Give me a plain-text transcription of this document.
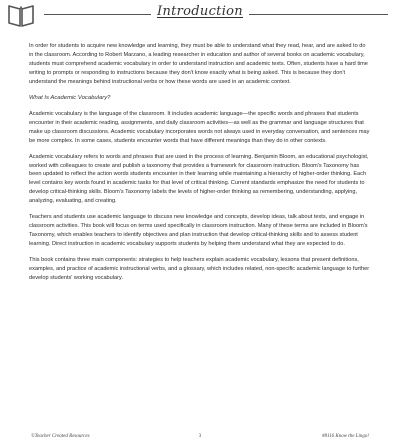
Introduction

In order for students to acquire new knowledge and learning, they must be able to understand what they read, hear, and are asked to do in the classroom. According to Robert Marzano, a leading researcher in education and author of several books on academic vocabulary, students must comprehend academic vocabulary in order to understand instruction and academic texts. Often, students have a hard time writing to prompts or responding to instructions because they don't know exactly what is being asked. This is because they don't understand the meanings behind instructional verbs or how these words are used in an academic context.

What Is Academic Vocabulary?

Academic vocabulary is the language of the classroom. It includes academic language—the specific words and phrases that students encounter in their academic reading, assignments, and daily classroom activities—as well as the grammar and language structures that make up classroom discussions. Academic vocabulary incorporates words not always used in everyday conversation, and sentences may be more complex. In some cases, students encounter words that have different meanings than they do in other contexts.

Academic vocabulary refers to words and phrases that are used in the process of learning. Benjamin Bloom, an educational psychologist, worked with colleagues to create and publish a taxonomy that provides a framework for classroom instruction. Bloom's Taxonomy has been updated to reflect the action words students encounter in their learning while maintaining a hierarchy of higher-order thinking. Each level contains key words found in academic tasks for that level of critical thinking. Current standards emphasize the need for students to develop critical-thinking skills. Bloom's Taxonomy labels the levels of higher-order thinking as remembering, understanding, applying, analyzing, evaluating, and creating.

Teachers and students use academic language to discuss new knowledge and concepts, develop ideas, talk about texts, and engage in classroom activities. This book will focus on terms used specifically in classroom instruction. Many of these terms are included in Bloom's Taxonomy, which enables teachers to identify objectives and plan instruction that develop critical-thinking skills and to assess student learning. Direct instruction in academic vocabulary supports students by helping them understand what they are expected to do.

This book contains three main components: strategies to help teachers explain academic vocabulary, lessons that present definitions, examples, and practice of academic instructional verbs, and a glossary, which includes related, non-specific academic language to further develop students' working vocabulary.

©Teacher Created Resources	3	#8116 Know the Lingo!
